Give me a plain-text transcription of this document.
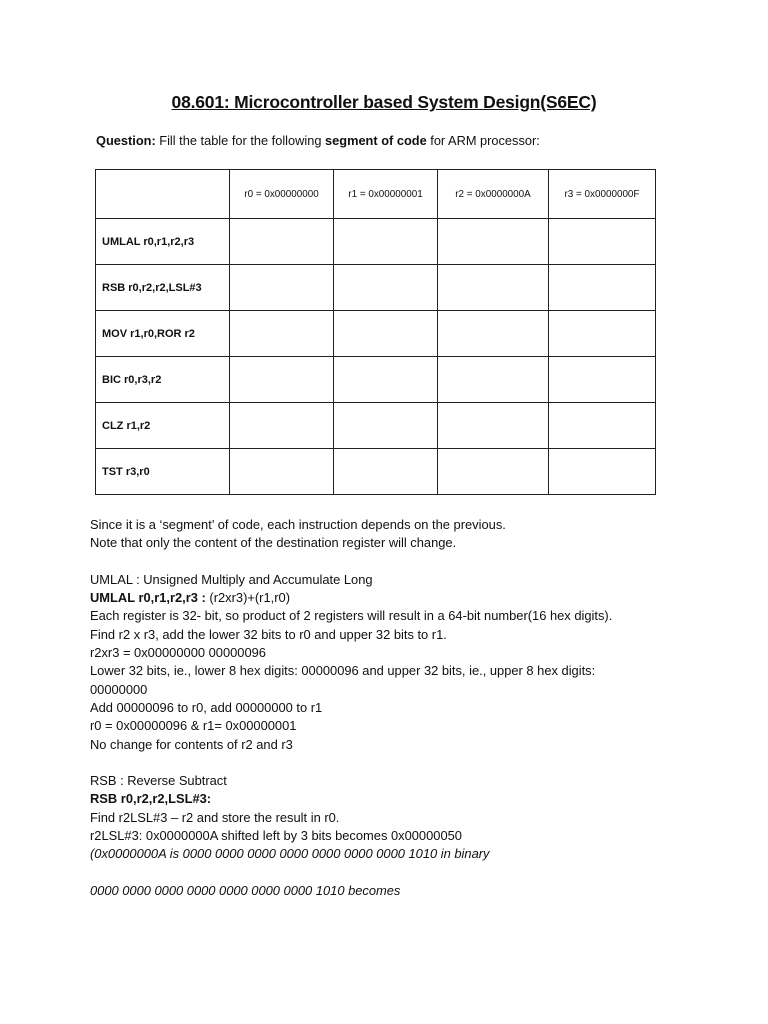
08.601: Microcontroller based System Design(S6EC)
Question: Fill the table for the following segment of code for ARM processor:
	r0 = 0x00000000	r1 = 0x00000001	r2 = 0x0000000A	r3 = 0x0000000F
UMLAL r0,r1,r2,r3				
RSB r0,r2,r2,LSL#3				
MOV r1,r0,ROR r2				
BIC r0,r3,r2				
CLZ r1,r2				
TST r3,r0				
Since it is a ‘segment’ of code, each instruction depends on the previous.
Note that only the content of the destination register will change.
UMLAL : Unsigned Multiply and Accumulate Long
UMLAL r0,r1,r2,r3 : (r2xr3)+(r1,r0)
Each register is 32- bit, so product of 2 registers will result in a 64-bit number(16 hex digits).
Find r2 x r3, add the lower 32 bits to r0 and upper 32 bits to r1.
r2xr3 = 0x00000000 00000096
Lower 32 bits, ie., lower 8 hex digits: 00000096 and upper 32 bits, ie., upper 8 hex digits:
00000000
Add 00000096 to r0, add 00000000 to r1
r0 = 0x00000096 & r1= 0x00000001
No change for contents of r2 and r3
RSB : Reverse Subtract
RSB r0,r2,r2,LSL#3:
Find r2LSL#3 – r2 and store the result in r0.
r2LSL#3: 0x0000000A shifted left by 3 bits becomes 0x00000050
(0x0000000A is 0000 0000 0000 0000 0000 0000 0000 1010 in binary
0000 0000 0000 0000 0000 0000 0000 1010 becomes
